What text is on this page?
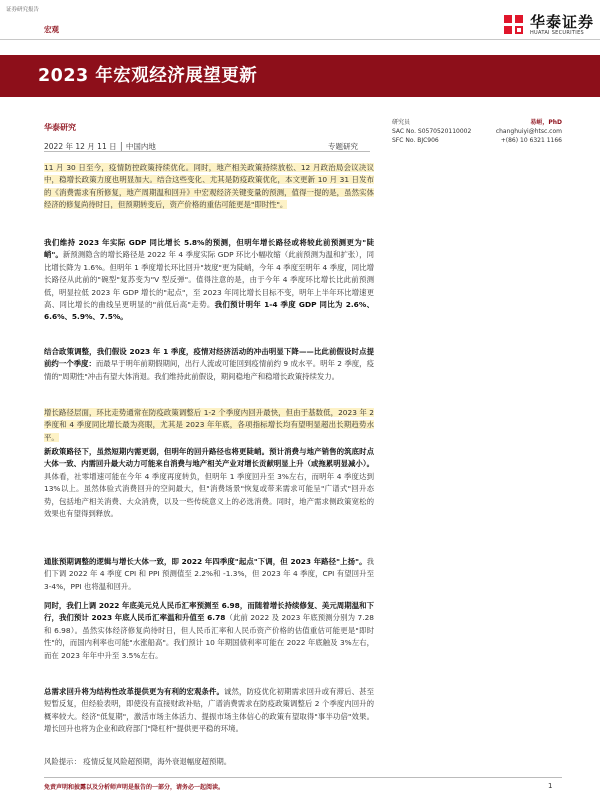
证券研究报告
宏观	华泰证券
HUATAI SECURITIES
2023 年宏观经济展望更新
华泰研究
2022 年 12 月 11 日 │ 中国内地	专题研究
研究员	易峘，PhD
SAC No. S0570520110002	changhuiyi@htsc.com
SFC No. BJC906	+(86) 10 6321 1166
11 月 30 日至今，疫情防控政策持续优化。同时，地产相关政策持续放松、12 月政治局会议决议中，稳增长政策力度也明显加大。结合这些变化、尤其是防疫政策优化，本文更新 10 月 31 日发布的《消费需求有所修复，地产周期温和回升》中宏观经济关键变量的预测，值得一提的是，虽然实体经济的修复尚待时日，但预期转变后，资产价格的重估可能更是"即时性"。
我们维持 2023 年实际 GDP 同比增长 5.8%的预测，但明年增长路径或将较此前预测更为"陡峭"。新预测隐含的增长路径是 2022 年 4 季度实际 GDP 环比小幅收缩（此前预测为温和扩张），同比增长降为 1.6%。但明年 1 季度增长环比回升"坡度"更为陡峭，今年 4 季度至明年 4 季度，同比增长路径从此前的"碗型"复苏变为"V 型反弹"。值得注意的是，由于今年 4 季度环比增长比此前预测低，明显拉低 2023 年 GDP 增长的"起点"，至 2023 年同比增长目标不变，明年上半年环比增速更高、同比增长的曲线呈更明显的"前低后高"走势。我们预计明年 1-4 季度 GDP 同比为 2.6%、6.6%、5.9%、7.5%。
结合政策调整，我们假设 2023 年 1 季度，疫情对经济活动的冲击明显下降——比此前假设时点提前约一个季度：而最早于明年前期假期间，出行人流或可能回到疫情前约 9 成水平。明年 2 季度，疫情的"周期性"冲击有望大体消退。我们维持此前假设，期间稳地产和稳增长政策持续发力。
增长路径层面，环比走势通常在防疫政策调整后 1-2 个季度内回升最快，但由于基数低，2023 年 2 季度和 4 季度同比增长最为亮眼，尤其是 2023 年年底，各项指标增长均有望明显超出长期趋势水平。
新政策路径下，虽然短期内需更弱，但明年的回升路径也将更陡峭。预计消费与地产销售的筑底时点大体一致、内需回升最大动力可能来自消费与地产相关产业对增长贡献明显上升（或拖累明显减小）。具体看，社零增速可能在今年 4 季度再度转负，但明年 1 季度回升至 3%左右，而明年 4 季度达到 13%以上。虽然体验式消费回升的空间最大，但"消费场景"恢复或带来需求可能呈"广谱式"回升态势，包括地产相关消费、大众消费，以及一些传统意义上的必选消费。同时，地产需求侧政策宽松的效果也有望得到释放。
通胀预期调整的逻辑与增长大体一致，即 2022 年四季度"起点"下调，但 2023 年路径"上扬"。我们下调 2022 年 4 季度 CPI 和 PPI 预测值至 2.2%和 -1.3%，但 2023 年 4 季度，CPI 有望回升至 3-4%，PPI 也将温和回升。
同时，我们上调 2022 年底美元兑人民币汇率预测至 6.98，而随着增长持续修复、美元周期温和下行，我们预计 2023 年底人民币汇率温和升值至 6.78（此前 2022 及 2023 年底预测分别为 7.28 和 6.98）。虽然实体经济修复尚待时日，但人民币汇率和人民币资产价格的估值重估可能更是"即时性"的，而国内利率也可能"水涨船高"。我们预计 10 年期国债利率可能在 2022 年底触及 3%左右，而在 2023 年年中升至 3.5%左右。
总需求回升将为结构性改革提供更为有利的宏观条件。诚然，防疫优化初期需求回升或有滞后、甚至短暂反复，但经验表明，即使没有直接财政补贴，广谱消费需求在防疫政策调整后 2 个季度内回升的概率较大。经济"低复期"，激活市场主体活力、提振市场主体信心的政策有望取得"事半功倍"效果。增长回升也将为企业和政府部门"降杠杆"提供更平稳的环境。
风险提示： 疫情反复风险超预期，海外衰退幅度超预期。
免责声明和披露以及分析师声明是报告的一部分，请务必一起阅读。	1
